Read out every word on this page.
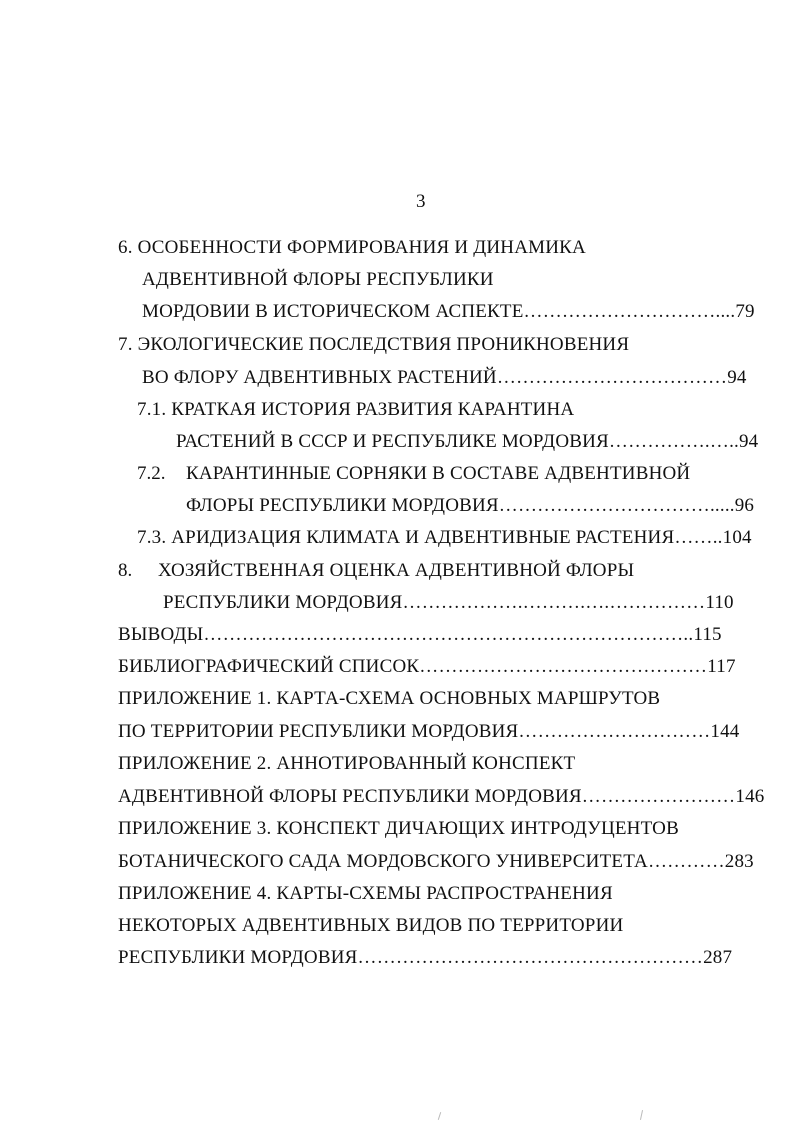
3
6. ОСОБЕННОСТИ ФОРМИРОВАНИЯ И ДИНАМИКА
АДВЕНТИВНОЙ ФЛОРЫ РЕСПУБЛИКИ
МОРДОВИИ В ИСТОРИЧЕСКОМ АСПЕКТЕ…………………………....79
7. ЭКОЛОГИЧЕСКИЕ ПОСЛЕДСТВИЯ ПРОНИКНОВЕНИЯ
ВО ФЛОРУ АДВЕНТИВНЫХ РАСТЕНИЙ………………………………94
7.1. КРАТКАЯ ИСТОРИЯ РАЗВИТИЯ КАРАНТИНА
РАСТЕНИЙ В СССР И РЕСПУБЛИКЕ МОРДОВИЯ…………….…..94
7.2. КАРАНТИННЫЕ СОРНЯКИ В СОСТАВЕ АДВЕНТИВНОЙ
ФЛОРЫ РЕСПУБЛИКИ МОРДОВИЯ…………………………….....96
7.3. АРИДИЗАЦИЯ КЛИМАТА И АДВЕНТИВНЫЕ РАСТЕНИЯ……..104
8. ХОЗЯЙСТВЕННАЯ ОЦЕНКА АДВЕНТИВНОЙ ФЛОРЫ
РЕСПУБЛИКИ МОРДОВИЯ……………….……….….……………110
ВЫВОДЫ…………………………………………………………………..115
БИБЛИОГРАФИЧЕСКИЙ СПИСОК………………………………………117
ПРИЛОЖЕНИЕ 1. КАРТА-СХЕМА ОСНОВНЫХ МАРШРУТОВ
ПО ТЕРРИТОРИИ РЕСПУБЛИКИ МОРДОВИЯ…………………………144
ПРИЛОЖЕНИЕ 2. АННОТИРОВАННЫЙ КОНСПЕКТ
АДВЕНТИВНОЙ ФЛОРЫ РЕСПУБЛИКИ МОРДОВИЯ……………………146
ПРИЛОЖЕНИЕ 3. КОНСПЕКТ ДИЧАЮЩИХ ИНТРОДУЦЕНТОВ
БОТАНИЧЕСКОГО САДА МОРДОВСКОГО УНИВЕРСИТЕТА…………283
ПРИЛОЖЕНИЕ 4. КАРТЫ-СХЕМЫ РАСПРОСТРАНЕНИЯ
НЕКОТОРЫХ АДВЕНТИВНЫХ ВИДОВ ПО ТЕРРИТОРИИ
РЕСПУБЛИКИ МОРДОВИЯ………………………………………………287
